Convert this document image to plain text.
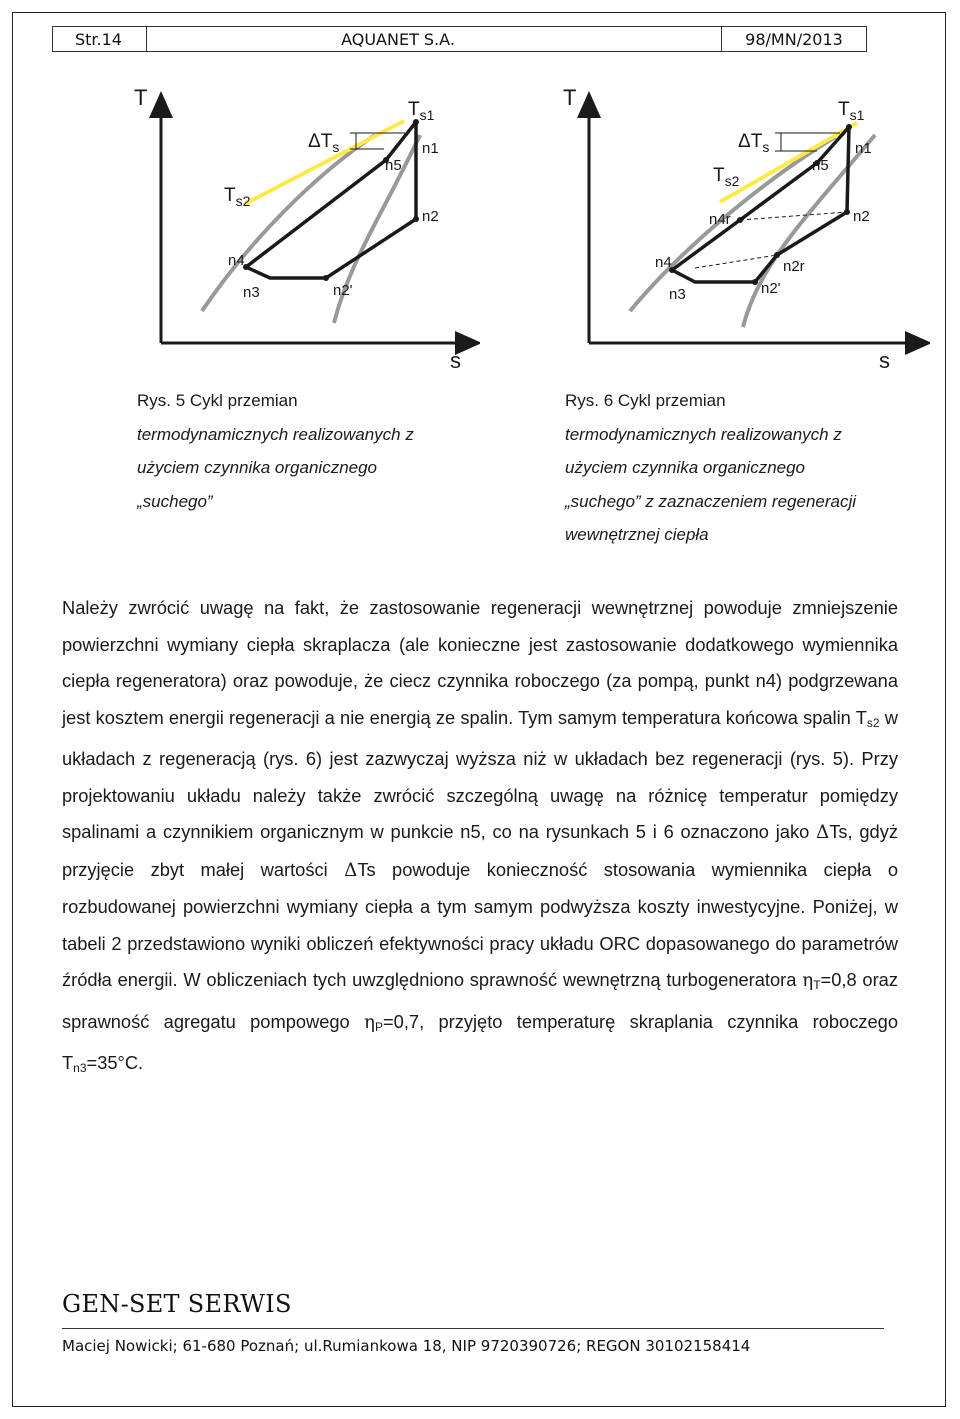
Str.14	AQUANET S.A.	98/MN/2013
T
s
$T_{s1}$
$\Delta T_s$
$T_{s2}$
n1
n2
n5
n4
n3	n2'
T
s
$T_{s1}$
$\Delta T_s$
$T_{s2}$
n1
n2
n5
n4r
n4
n3
n2r
n2'
Rys. 5 Cykl przemian
termodynamicznych realizowanych z
użyciem czynnika organicznego
„suchego”
Rys. 6 Cykl przemian
termodynamicznych realizowanych z
użyciem czynnika organicznego
„suchego” z zaznaczeniem regeneracji
wewnętrznej ciepła

Należy zwrócić uwagę na fakt, że zastosowanie regeneracji wewnętrznej powoduje zmniejszenie powierzchni wymiany ciepła skraplacza (ale konieczne jest zastosowanie dodatkowego wymiennika ciepła regeneratora) oraz powoduje, że ciecz czynnika roboczego (za pompą, punkt n4) podgrzewana jest kosztem energii regeneracji a nie energią ze spalin. Tym samym temperatura końcowa spalin $T_{s2}$ w układach z regeneracją (rys. 6) jest zazwyczaj wyższa niż w układach bez regeneracji (rys. 5). Przy projektowaniu układu należy także zwrócić szczególną uwagę na różnicę temperatur pomiędzy spalinami a czynnikiem organicznym w punkcie n5, co na rysunkach 5 i 6 oznaczono jako ΔTs, gdyż przyjęcie zbyt małej wartości ΔTs powoduje konieczność stosowania wymiennika ciepła o rozbudowanej powierzchni wymiany ciepła a tym samym podwyższa koszty inwestycyjne. Poniżej, w tabeli 2 przedstawiono wyniki obliczeń efektywności pracy układu ORC dopasowanego do parametrów źródła energii. W obliczeniach tych uwzględniono sprawność wewnętrzną turbogeneratora $\eta_T=0,8$ oraz sprawność agregatu pompowego $\eta_P=0,7$, przyjęto temperaturę skraplania czynnika roboczego $T_{n3}=35^\circ C$.

GEN-SET SERWIS
Maciej Nowicki; 61-680 Poznań; ul.Rumiankowa 18, NIP 9720390726; REGON 30102158414
